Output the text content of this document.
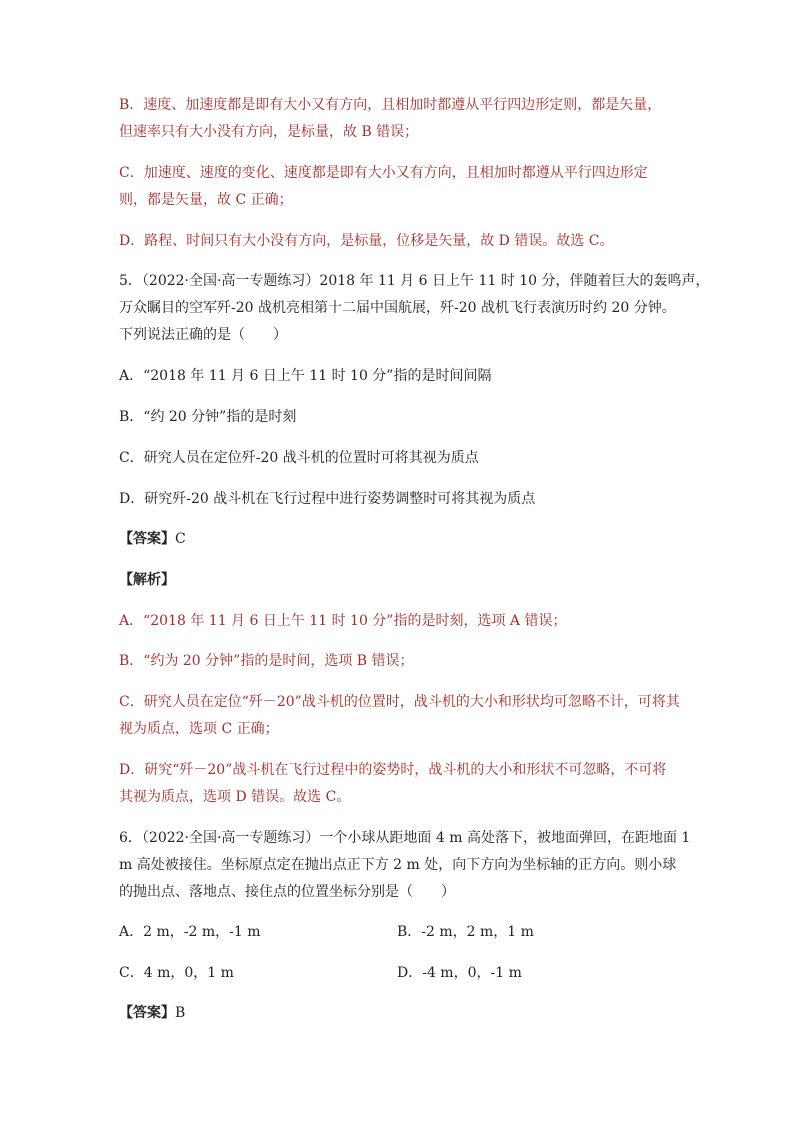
B．速度、加速度都是即有大小又有方向，且相加时都遵从平行四边形定则，都是矢量，
但速率只有大小没有方向，是标量，故 B 错误；
C．加速度、速度的变化、速度都是即有大小又有方向，且相加时都遵从平行四边形定
则，都是矢量，故 C 正确；
D．路程、时间只有大小没有方向，是标量，位移是矢量，故 D 错误。故选 C。
5．（2022·全国·高一专题练习）2018 年 11 月 6 日上午 11 时 10 分，伴随着巨大的轰鸣声，
万众瞩目的空军歼-20 战机亮相第十二届中国航展，歼-20 战机飞行表演历时约 20 分钟。
下列说法正确的是（　　）
A．“2018 年 11 月 6 日上午 11 时 10 分”指的是时间间隔
B．“约 20 分钟”指的是时刻
C．研究人员在定位歼-20 战斗机的位置时可将其视为质点
D．研究歼-20 战斗机在飞行过程中进行姿势调整时可将其视为质点
【答案】C
【解析】
A．“2018 年 11 月 6 日上午 11 时 10 分”指的是时刻，选项 A 错误；
B．“约为 20 分钟”指的是时间，选项 B 错误；
C．研究人员在定位“歼－20”战斗机的位置时，战斗机的大小和形状均可忽略不计，可将其
视为质点，选项 C 正确；
D．研究“歼－20”战斗机在飞行过程中的姿势时，战斗机的大小和形状不可忽略，不可将
其视为质点，选项 D 错误。故选 C。
6．（2022·全国·高一专题练习）一个小球从距地面 4 m 高处落下，被地面弹回，在距地面 1
m 高处被接住。坐标原点定在抛出点正下方 2 m 处，向下方向为坐标轴的正方向。则小球
的抛出点、落地点、接住点的位置坐标分别是（　　）
A．2 m，-2 m，-1 m	B．-2 m，2 m，1 m
C．4 m，0，1 m	D．-4 m，0，-1 m
【答案】B
